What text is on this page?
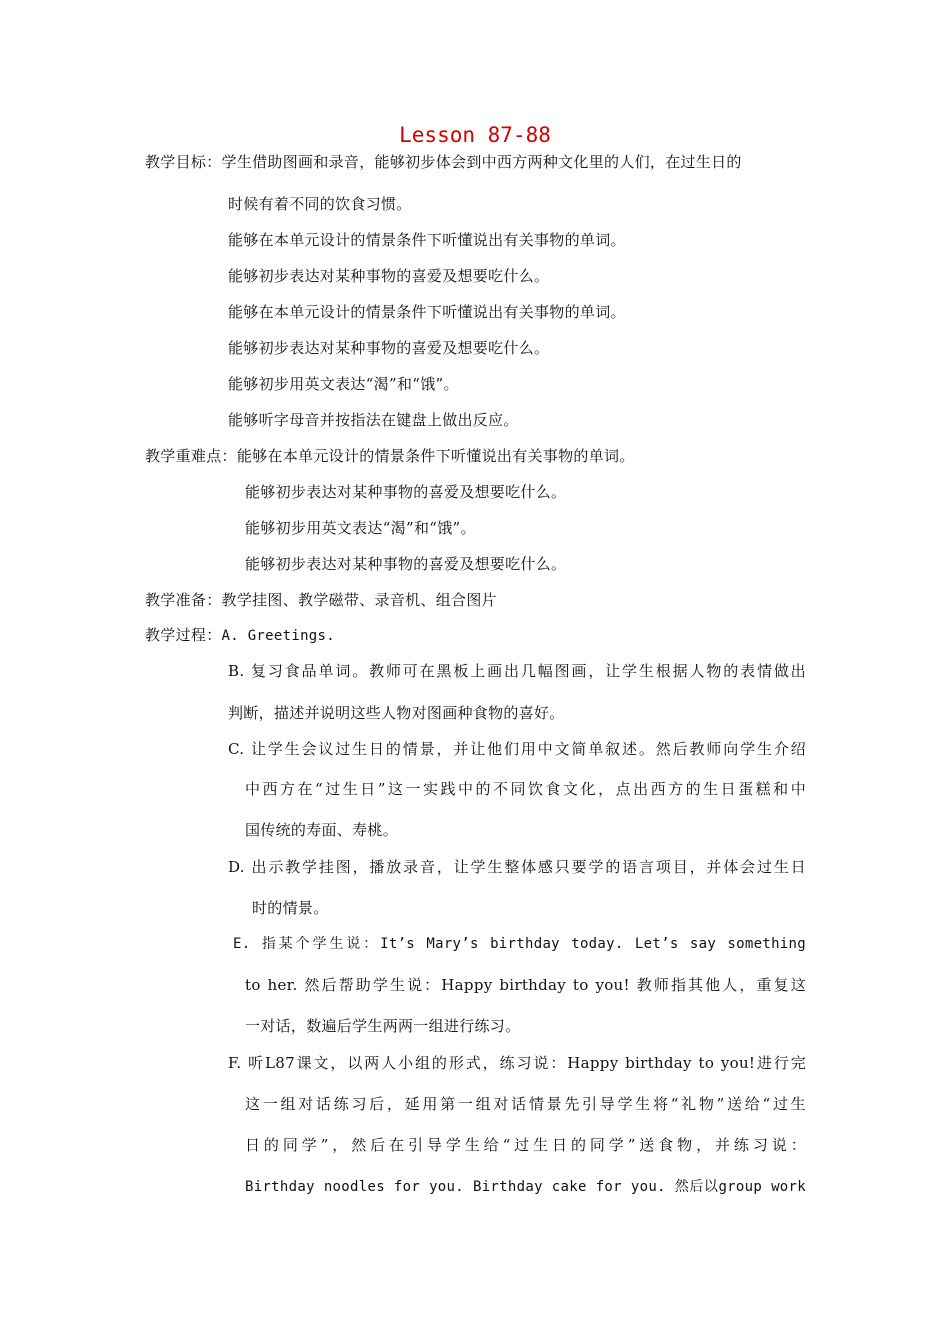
Lesson 87-88
教学目标：学生借助图画和录音，能够初步体会到中西方两种文化里的人们，在过生日的
时候有着不同的饮食习惯。
能够在本单元设计的情景条件下听懂说出有关事物的单词。
能够初步表达对某种事物的喜爱及想要吃什么。
能够在本单元设计的情景条件下听懂说出有关事物的单词。
能够初步表达对某种事物的喜爱及想要吃什么。
能够初步用英文表达“渴”和“饿”。
能够听字母音并按指法在键盘上做出反应。
教学重难点：能够在本单元设计的情景条件下听懂说出有关事物的单词。
能够初步表达对某种事物的喜爱及想要吃什么。
能够初步用英文表达“渴”和“饿”。
能够初步表达对某种事物的喜爱及想要吃什么。
教学准备：教学挂图、教学磁带、录音机、组合图片
教学过程：A. Greetings.
B. 复习食品单词。教师可在黑板上画出几幅图画，让学生根据人物的表情做出
判断，描述并说明这些人物对图画种食物的喜好。
C. 让学生会议过生日的情景，并让他们用中文简单叙述。然后教师向学生介绍
中西方在“过生日”这一实践中的不同饮食文化，点出西方的生日蛋糕和中
国传统的寿面、寿桃。
D. 出示教学挂图，播放录音，让学生整体感只要学的语言项目，并体会过生日
时的情景。
E. 指某个学生说：It’s Mary’s birthday today. Let’s say something
to her. 然后帮助学生说：Happy birthday to you! 教师指其他人，重复这
一对话，数遍后学生两两一组进行练习。
F. 听L87课文，以两人小组的形式，练习说：Happy birthday to you!进行完
这一组对话练习后，延用第一组对话情景先引导学生将“礼物”送给“过生
日的同学”，然后在引导学生给“过生日的同学”送食物，并练习说：
Birthday noodles for you. Birthday cake for you. 然后以group work
